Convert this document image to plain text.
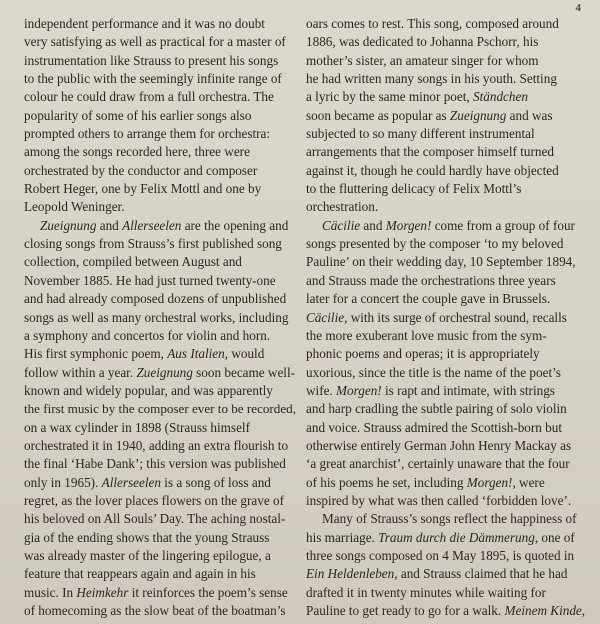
4
independent performance and it was no doubt
very satisfying as well as practical for a master of
instrumentation like Strauss to present his songs
to the public with the seemingly infinite range of
colour he could draw from a full orchestra. The
popularity of some of his earlier songs also
prompted others to arrange them for orchestra:
among the songs recorded here, three were
orchestrated by the conductor and composer
Robert Heger, one by Felix Mottl and one by
Leopold Weninger.
Zueignung and Allerseelen are the opening and
closing songs from Strauss’s first published song
collection, compiled between August and
November 1885. He had just turned twenty-one
and had already composed dozens of unpublished
songs as well as many orchestral works, including
a symphony and concertos for violin and horn.
His first symphonic poem, Aus Italien, would
follow within a year. Zueignung soon became well-
known and widely popular, and was apparently
the first music by the composer ever to be recorded,
on a wax cylinder in 1898 (Strauss himself
orchestrated it in 1940, adding an extra flourish to
the final ‘Habe Dank’; this version was published
only in 1965). Allerseelen is a song of loss and
regret, as the lover places flowers on the grave of
his beloved on All Souls’ Day. The aching nostal-
gia of the ending shows that the young Strauss
was already master of the lingering epilogue, a
feature that reappears again and again in his
music. In Heimkehr it reinforces the poem’s sense
of homecoming as the slow beat of the boatman’s
oars comes to rest. This song, composed around
1886, was dedicated to Johanna Pschorr, his
mother’s sister, an amateur singer for whom
he had written many songs in his youth. Setting
a lyric by the same minor poet, Ständchen
soon became as popular as Zueignung and was
subjected to so many different instrumental
arrangements that the composer himself turned
against it, though he could hardly have objected
to the fluttering delicacy of Felix Mottl’s
orchestration.
Cäcilie and Morgen! come from a group of four
songs presented by the composer ‘to my beloved
Pauline’ on their wedding day, 10 September 1894,
and Strauss made the orchestrations three years
later for a concert the couple gave in Brussels.
Cäcilie, with its surge of orchestral sound, recalls
the more exuberant love music from the sym-
phonic poems and operas; it is appropriately
uxorious, since the title is the name of the poet’s
wife. Morgen! is rapt and intimate, with strings
and harp cradling the subtle pairing of solo violin
and voice. Strauss admired the Scottish-born but
otherwise entirely German John Henry Mackay as
‘a great anarchist’, certainly unaware that the four
of his poems he set, including Morgen!, were
inspired by what was then called ‘forbidden love’.
Many of Strauss’s songs reflect the happiness of
his marriage. Traum durch die Dämmerung, one of
three songs composed on 4 May 1895, is quoted in
Ein Heldenleben, and Strauss claimed that he had
drafted it in twenty minutes while waiting for
Pauline to get ready to go for a walk. Meinem Kinde,
